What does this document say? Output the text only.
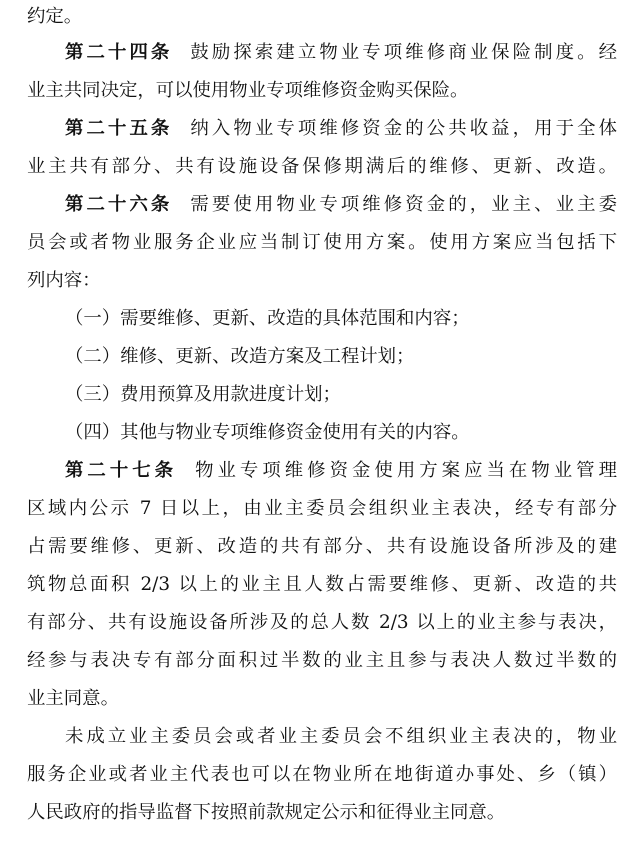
约定。
第二十四条 鼓励探索建立物业专项维修商业保险制度。经
业主共同决定，可以使用物业专项维修资金购买保险。
第二十五条 纳入物业专项维修资金的公共收益，用于全体
业主共有部分、共有设施设备保修期满后的维修、更新、改造。
第二十六条 需要使用物业专项维修资金的，业主、业主委
员会或者物业服务企业应当制订使用方案。使用方案应当包括下
列内容：
（一）需要维修、更新、改造的具体范围和内容；
（二）维修、更新、改造方案及工程计划；
（三）费用预算及用款进度计划；
（四）其他与物业专项维修资金使用有关的内容。
第二十七条 物业专项维修资金使用方案应当在物业管理
区域内公示 7 日以上，由业主委员会组织业主表决，经专有部分
占需要维修、更新、改造的共有部分、共有设施设备所涉及的建
筑物总面积 2/3 以上的业主且人数占需要维修、更新、改造的共
有部分、共有设施设备所涉及的总人数 2/3 以上的业主参与表决，
经参与表决专有部分面积过半数的业主且参与表决人数过半数的
业主同意。
未成立业主委员会或者业主委员会不组织业主表决的，物业
服务企业或者业主代表也可以在物业所在地街道办事处、乡（镇）
人民政府的指导监督下按照前款规定公示和征得业主同意。
